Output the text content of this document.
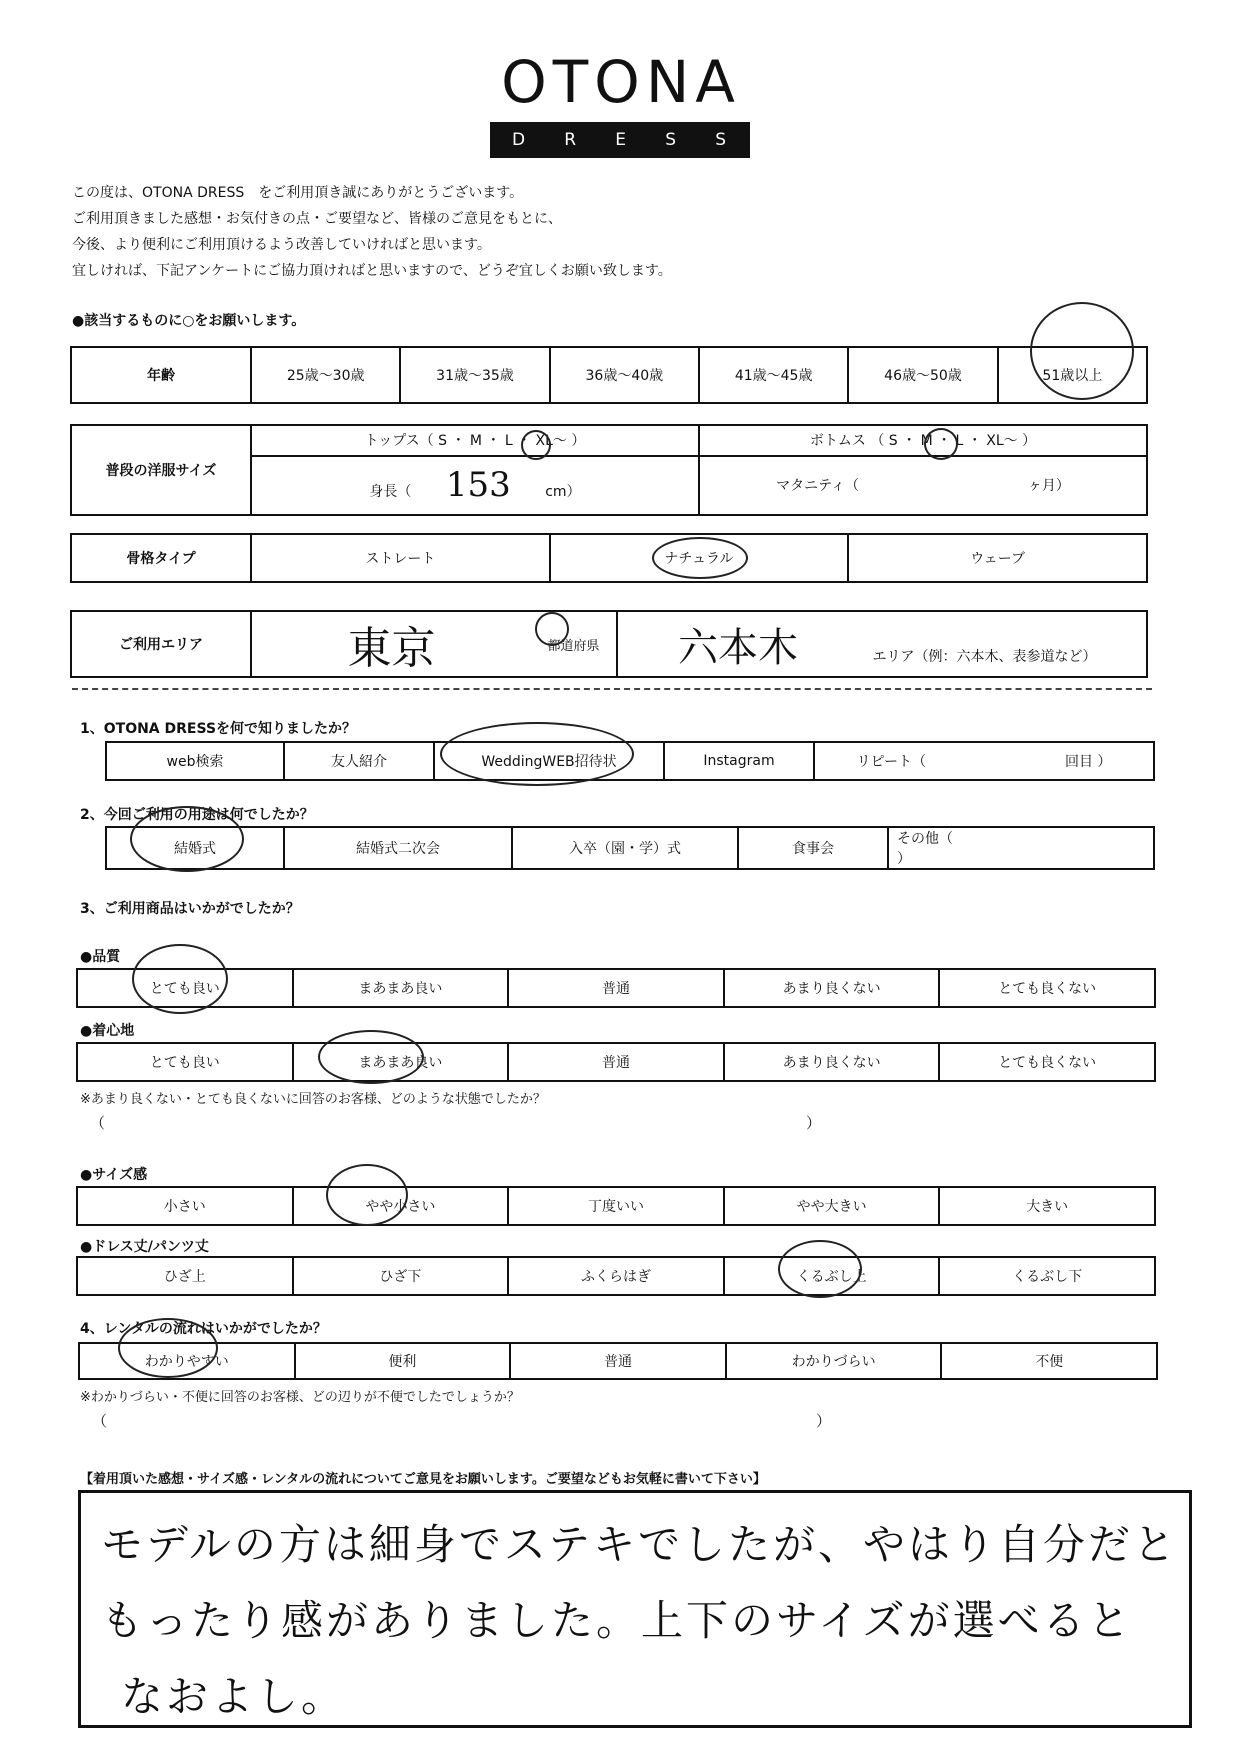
OTONA
D R E S S

この度は、OTONA DRESS　をご利用頂き誠にありがとうございます。

ご利用頂きました感想・お気付きの点・ご要望など、皆様のご意見をもとに、

今後、より便利にご利用頂けるよう改善していければと思います。

宜しければ、下記アンケートにご協力頂ければと思いますので、どうぞ宜しくお願い致します。

●該当するものに○をお願いします。
年齢	25歳〜30歳	31歳〜35歳	36歳〜40歳	41歳〜45歳	46歳〜50歳	51歳以上
普段の洋服サイズ	トップス（ S ・ M ・ L ・ XL〜 ）	ボトムス （ S ・ M ・ L ・ XL〜 ）
	身長（ 153 cm）	マタニティ（ ヶ月）
骨格タイプ	ストレート	ナチュラル	ウェーブ
ご利用エリア	東京	都道府県	六本木	エリア（例：六本木、表参道など）
1、OTONA DRESSを何で知りましたか？
web検索	友人紹介	WeddingWEB招待状	Instagram	リピート（	回目 ）
2、今回ご利用の用途は何でしたか？
結婚式	結婚式二次会	入卒（園・学）式	食事会	その他（  ）
3、ご利用商品はいかがでしたか？
●品質
とても良い	まあまあ良い	普通	あまり良くない	とても良くない
●着心地
とても良い	まあまあ良い	普通	あまり良くない	とても良くない
※あまり良くない・とても良くないに回答のお客様、どのような状態でしたか？
（	）
●サイズ感
小さい	やや小さい	丁度いい	やや大きい	大きい
●ドレス丈/パンツ丈
ひざ上	ひざ下	ふくらはぎ	くるぶし上	くるぶし下
4、レンタルの流れはいかがでしたか？
わかりやすい	便利	普通	わかりづらい	不便
※わかりづらい・不便に回答のお客様、どの辺りが不便でしたでしょうか？
（	）
【着用頂いた感想・サイズ感・レンタルの流れについてご意見をお願いします。ご要望などもお気軽に書いて下さい】
モデルの方は細身でステキでしたが、やはり自分だと
もったり感がありました。上下のサイズが選べると
なおよし。
